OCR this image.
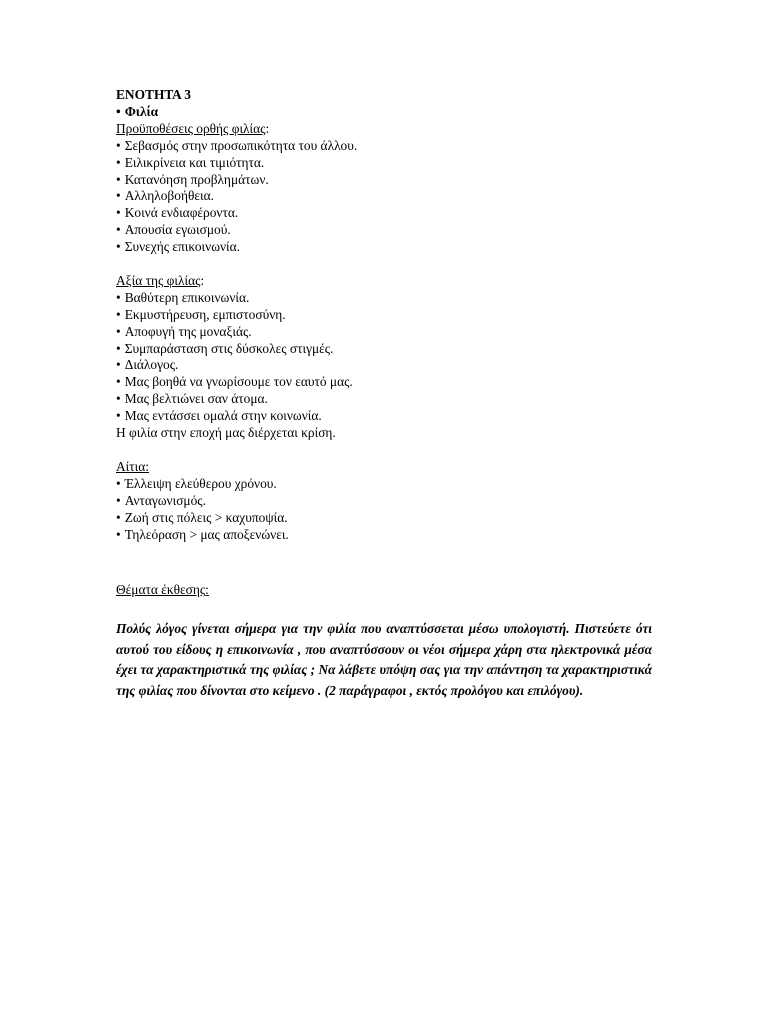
ΕΝΟΤΗΤΑ 3

• Φιλία

Προϋποθέσεις ορθής φιλίας:

• Σεβασμός στην προσωπικότητα του άλλου.

• Ειλικρίνεια και τιμιότητα.

• Κατανόηση προβλημάτων.

• Αλληλοβοήθεια.

• Κοινά ενδιαφέροντα.

• Απουσία εγωισμού.

• Συνεχής επικοινωνία.

Αξία της φιλίας:

• Βαθύτερη επικοινωνία.

• Εκμυστήρευση, εμπιστοσύνη.

• Αποφυγή της μοναξιάς.

• Συμπαράσταση στις δύσκολες στιγμές.

• Διάλογος.

• Μας βοηθά να γνωρίσουμε τον εαυτό μας.

• Μας βελτιώνει σαν άτομα.

• Μας εντάσσει ομαλά στην κοινωνία.

Η φιλία στην εποχή μας διέρχεται κρίση.

Αίτια:

• Έλλειψη ελεύθερου χρόνου.

• Ανταγωνισμός.

• Ζωή στις πόλεις > καχυποψία.

• Τηλεόραση > μας αποξενώνει.

Θέματα έκθεσης:

Πολύς λόγος γίνεται σήμερα για την φιλία που αναπτύσσεται μέσω υπολογιστή. Πιστεύετε ότι αυτού του είδους η επικοινωνία , που αναπτύσσουν οι νέοι σήμερα χάρη στα ηλεκτρονικά μέσα έχει τα χαρακτηριστικά της φιλίας ; Να λάβετε υπόψη σας για την απάντηση τα χαρακτηριστικά της φιλίας που δίνονται στο κείμενο . (2 παράγραφοι , εκτός προλόγου και επιλόγου).
